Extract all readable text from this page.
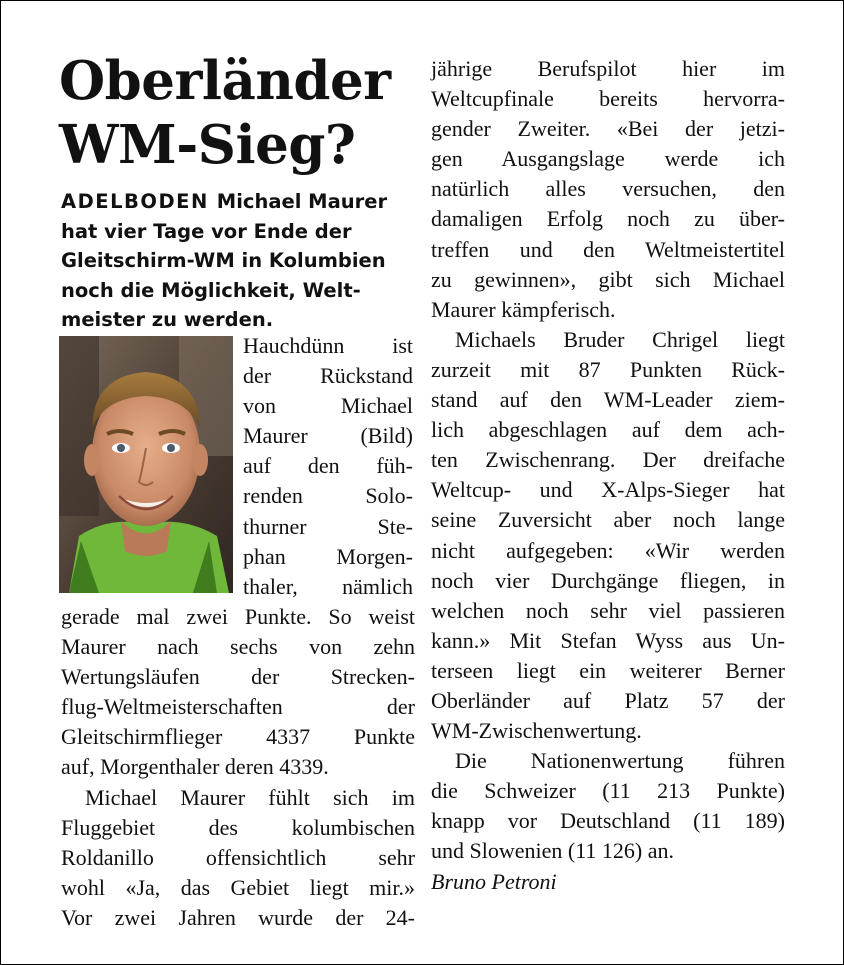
Oberländer
WM-Sieg?
ADELBODEN Michael Maurer
hat vier Tage vor Ende der
Gleitschirm-WM in Kolumbien
noch die Möglichkeit, Welt-
meister zu werden.
Hauchdünn ist
der Rückstand
von Michael
Maurer (Bild)
auf den füh-
renden Solo-
thurner Ste-
phan Morgen-
thaler, nämlich
gerade mal zwei Punkte. So weist
Maurer nach sechs von zehn
Wertungsläufen der Strecken-
flug-Weltmeisterschaften der
Gleitschirmflieger 4337 Punkte
auf, Morgenthaler deren 4339.
Michael Maurer fühlt sich im
Fluggebiet des kolumbischen
Roldanillo offensichtlich sehr
wohl «Ja, das Gebiet liegt mir.»
Vor zwei Jahren wurde der 24-
jährige Berufspilot hier im
Weltcupfinale bereits hervorra-
gender Zweiter. «Bei der jetzi-
gen Ausgangslage werde ich
natürlich alles versuchen, den
damaligen Erfolg noch zu über-
treffen und den Weltmeistertitel
zu gewinnen», gibt sich Michael
Maurer kämpferisch.
Michaels Bruder Chrigel liegt
zurzeit mit 87 Punkten Rück-
stand auf den WM-Leader ziem-
lich abgeschlagen auf dem ach-
ten Zwischenrang. Der dreifache
Weltcup- und X-Alps-Sieger hat
seine Zuversicht aber noch lange
nicht aufgegeben: «Wir werden
noch vier Durchgänge fliegen, in
welchen noch sehr viel passieren
kann.» Mit Stefan Wyss aus Un-
terseen liegt ein weiterer Berner
Oberländer auf Platz 57 der
WM-Zwischenwertung.
Die Nationenwertung führen
die Schweizer (11 213 Punkte)
knapp vor Deutschland (11 189)
und Slowenien (11 126) an.
Bruno Petroni
